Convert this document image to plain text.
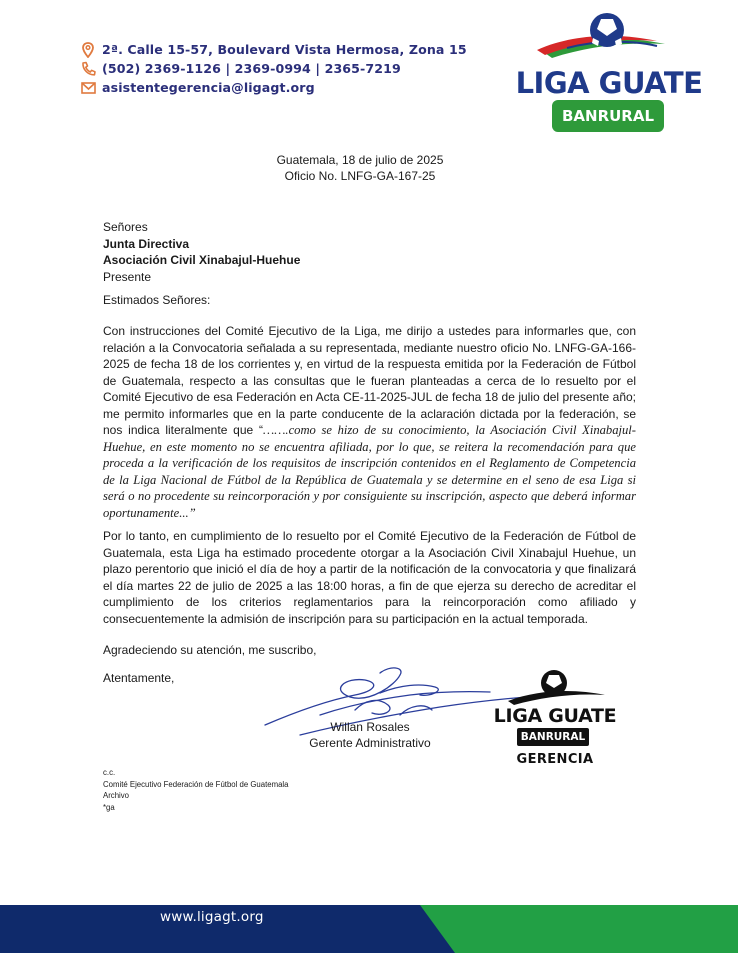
2ª. Calle 15-57, Boulevard Vista Hermosa, Zona 15
(502) 2369-1126 | 2369-0994 | 2365-7219
asistentegerencia@ligagt.org	LIGA GUATE
BANRURAL
Guatemala, 18 de julio de 2025
Oficio No. LNFG-GA-167-25
Señores
Junta Directiva
Asociación Civil Xinabajul-Huehue
Presente
Estimados Señores:
Con instrucciones del Comité Ejecutivo de la Liga, me dirijo a ustedes para informarles que, con relación a la Convocatoria señalada a su representada, mediante nuestro oficio No. LNFG-GA-166-2025 de fecha 18 de los corrientes y, en virtud de la respuesta emitida por la Federación de Fútbol de Guatemala, respecto a las consultas que le fueran planteadas a cerca de lo resuelto por el Comité Ejecutivo de esa Federación en Acta CE-11-2025-JUL de fecha 18 de julio del presente año; me permito informarles que en la parte conducente de la aclaración dictada por la federación, se nos indica literalmente que “…….como se hizo de su conocimiento, la Asociación Civil Xinabajul-Huehue, en este momento no se encuentra afiliada, por lo que, se reitera la recomendación para que proceda a la verificación de los requisitos de inscripción contenidos en el Reglamento de Competencia de la Liga Nacional de Fútbol de la República de Guatemala y se determine en el seno de esa Liga si será o no procedente su reincorporación y por consiguiente su inscripción, aspecto que deberá informar oportunamente...”
Por lo tanto, en cumplimiento de lo resuelto por el Comité Ejecutivo de la Federación de Fútbol de Guatemala, esta Liga ha estimado procedente otorgar a la Asociación Civil Xinabajul Huehue, un plazo perentorio que inició el día de hoy a partir de la notificación de la convocatoria y que finalizará el día martes 22 de julio de 2025 a las 18:00 horas, a fin de que ejerza su derecho de acreditar el cumplimiento de los criterios reglamentarios para la reincorporación como afiliado y consecuentemente la admisión de inscripción para su participación en la actual temporada.
Agradeciendo su atención, me suscribo,
Atentamente,
Willan Rosales
Gerente Administrativo
LIGA GUATE
BANRURAL
GERENCIA
c.c.
Comité Ejecutivo Federación de Fútbol de Guatemala
Archivo
*ga
www.ligagt.org
